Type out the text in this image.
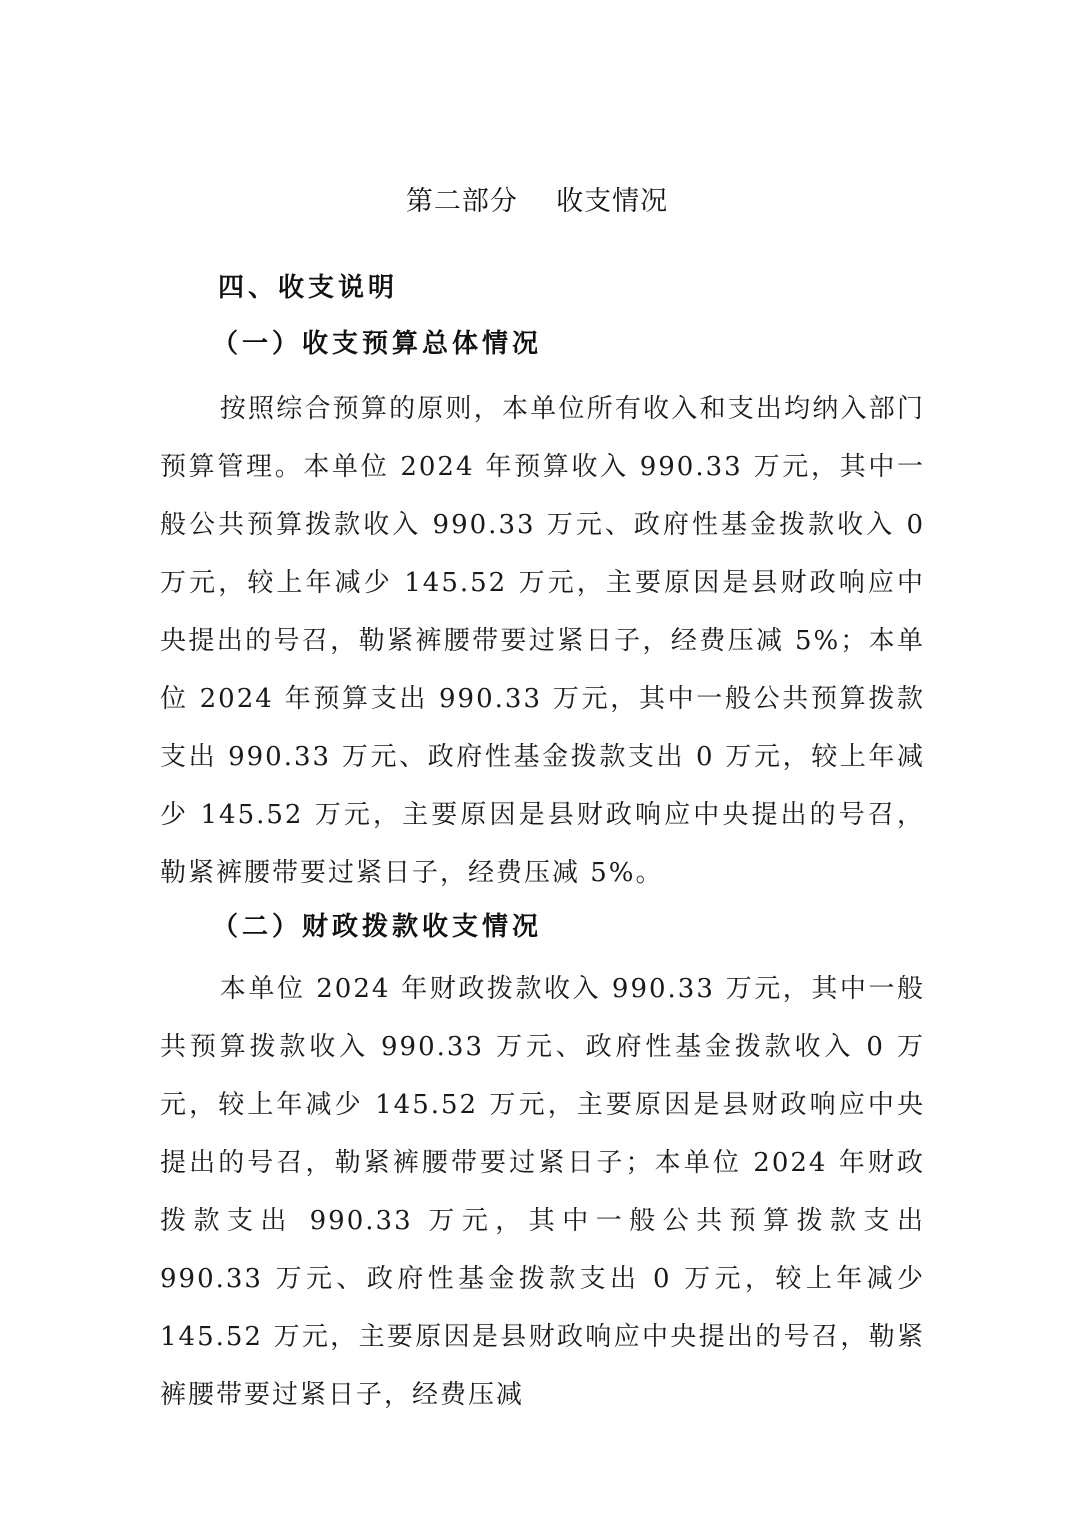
第二部分    收支情况
四、收支说明
（一）收支预算总体情况
按照综合预算的原则，本单位所有收入和支出均纳入部门预算管理。本单位 2024 年预算收入 990.33 万元，其中一般公共预算拨款收入 990.33 万元、政府性基金拨款收入 0 万元，较上年减少 145.52 万元，主要原因是县财政响应中央提出的号召，勒紧裤腰带要过紧日子，经费压减 5%；本单位 2024 年预算支出 990.33 万元，其中一般公共预算拨款支出 990.33 万元、政府性基金拨款支出 0 万元，较上年减少 145.52 万元，主要原因是县财政响应中央提出的号召，勒紧裤腰带要过紧日子，经费压减 5%。
（二）财政拨款收支情况
本单位 2024 年财政拨款收入 990.33 万元，其中一般共预算拨款收入 990.33 万元、政府性基金拨款收入 0 万元，较上年减少 145.52 万元，主要原因是县财政响应中央提出的号召，勒紧裤腰带要过紧日子；本单位 2024 年财政拨款支出 990.33 万元，其中一般公共预算拨款支出 990.33 万元、政府性基金拨款支出 0 万元，较上年减少 145.52 万元，主要原因是县财政响应中央提出的号召，勒紧裤腰带要过紧日子，经费压减
